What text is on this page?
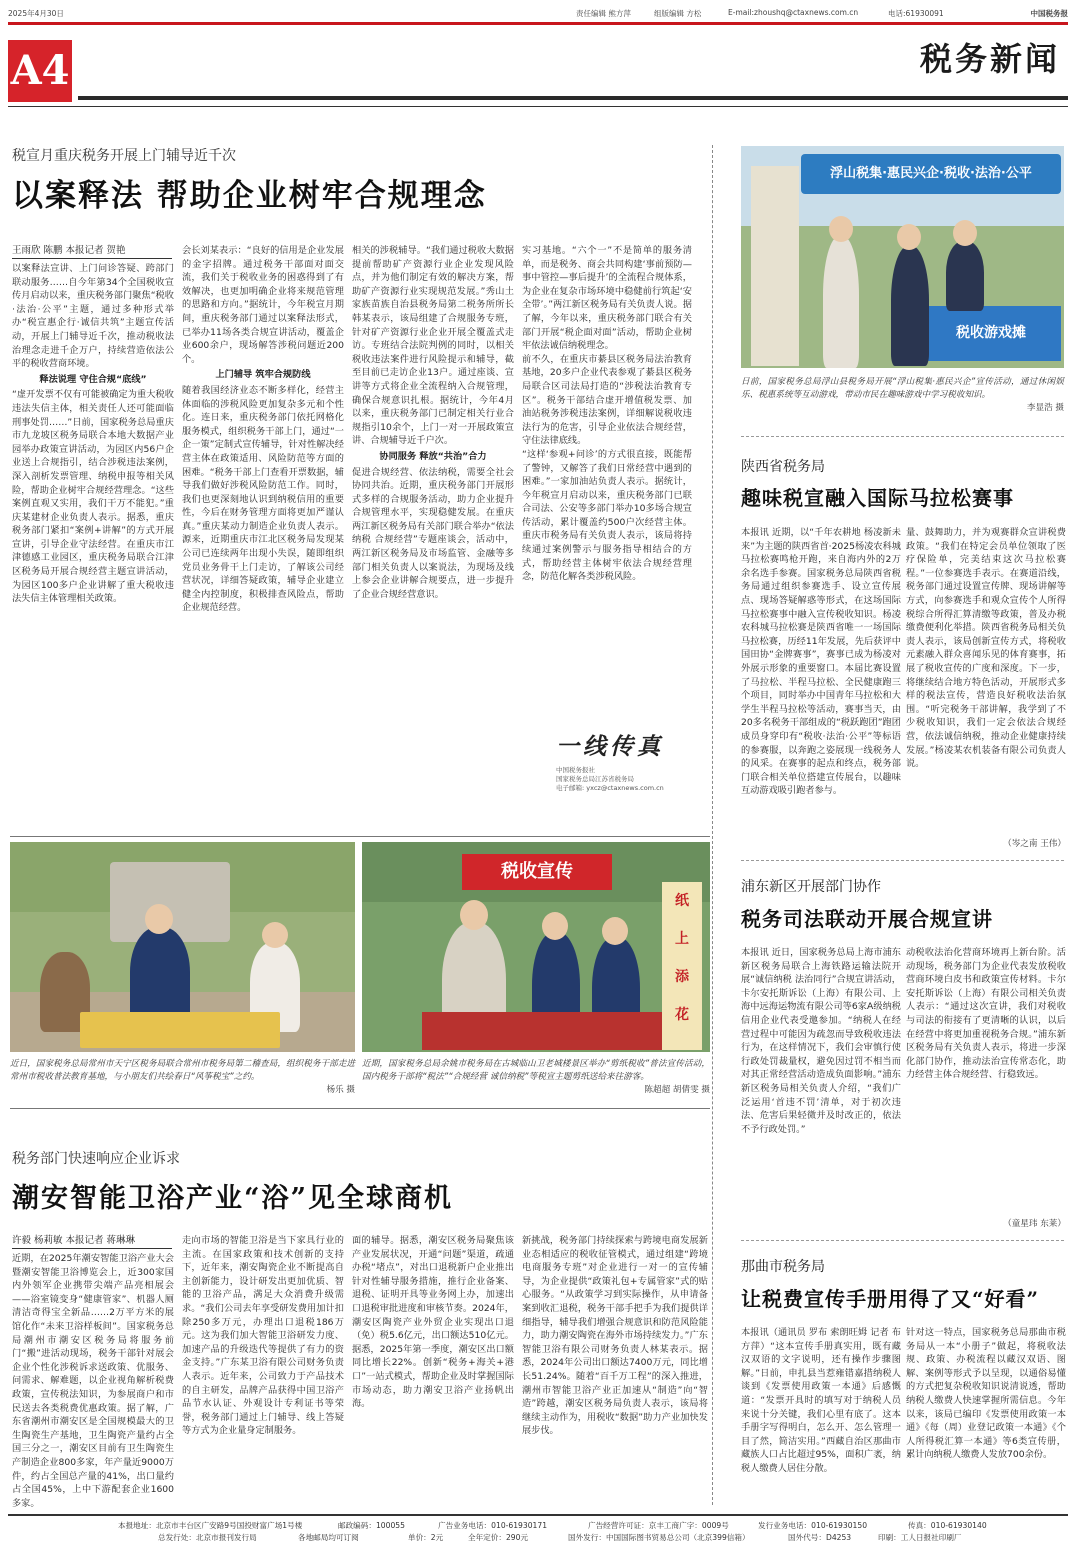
2025年4月30日	责任编辑 熊方萍	组版编辑 方松	E-mail:zhoushq@ctaxnews.com.cn	电话:61930091	中国税务报
A4	税务新闻
税宣月重庆税务开展上门辅导近千次
以案释法 帮助企业树牢合规理念
王雨欣 陈鹏 本报记者 贺艳
以案释法宣讲、上门问诊答疑、跨部门联动服务……自今年第34个全国税收宣传月启动以来，重庆税务部门聚焦“税收·法治·公平”主题，通过多种形式举办“税宣惠企行·诚信共筑”主题宣传活动，开展上门辅导近千次，推动税收法治理念走进千企万户，持续营造依法公平的税收营商环境。
释法说理 守住合规“底线”
“虚开发票不仅有可能被确定为重大税收违法失信主体，相关责任人还可能面临刑事处罚……”日前，国家税务总局重庆市九龙坡区税务局联合本地大数据产业园举办政策宣讲活动，为园区内56户企业送上合规指引，结合涉税违法案例，深入剖析发票管理、纳税申报等相关风险，帮助企业树牢合规经营理念。“这些案例直观又实用，我们干万不能犯。”重庆某建材企业负责人表示。据悉，重庆税务部门紧扣“案例+讲解”的方式开展宣讲，引导企业守法经营。在重庆市江津德感工业园区，重庆税务局联合江津区税务局开展合规经营主题宣讲活动，为园区100多户企业讲解了重大税收违法失信主体管理相关政策。
会长刘某表示：“良好的信用是企业发展的金字招牌。通过税务干部面对面交流，我们关于税收业务的困惑得到了有效解决，也更加明确企业将来规范管理的思路和方向。”据统计，今年税宣月期间，重庆税务部门通过以案释法形式，已举办11场各类合规宣讲活动，覆盖企业600余户，现场解答涉税问题近200个。
上门辅导 筑牢合规防线
随着我国经济业态不断多样化，经营主体面临的涉税风险更加复杂多元和个性化。连日来，重庆税务部门依托网格化服务模式，组织税务干部上门，通过“一企一策”定制式宣传辅导，针对性解决经营主体在政策适用、风险防范等方面的困难。“税务干部上门查看开票数据，辅导我们做好涉税风险防范工作。同时，我们也更深刻地认识到纳税信用的重要性，今后在财务管理方面将更加严谨认真。”重庆某动力制造企业负责人表示。源来，近期重庆市江北区税务局发现某公司已连续两年出现小失误，随即组织党员业务骨干上门走访，了解该公司经营状况，详细答疑政策，辅导企业建立健全内控制度，积极排查风险点，帮助企业规范经营。
相关的涉税辅导。“我们通过税收大数据提前帮助矿产资源行业企业发现风险点，并为他们制定有效的解决方案，帮助矿产资源行业实现规范发展。”秀山土家族苗族自治县税务局第二税务所所长韩某表示，该局组建了合规服务专班，针对矿产资源行业企业开展全覆盖式走访。专班结合法院判例的同时，以相关税收违法案件进行风险提示和辅导，截至目前已走访企业13户。通过座谈、宣讲等方式将企业全流程纳入合规管理，确保合规意识扎根。据统计，今年4月以来，重庆税务部门已制定相关行业合规指引10余个，上门一对一开展政策宣讲、合规辅导近千户次。
协同服务 释放“共治”合力
促进合规经营、依法纳税，需要全社会协同共治。近期，重庆税务部门开展形式多样的合规服务活动，助力企业提升合规管理水平，实现稳健发展。在重庆两江新区税务局有关部门联合举办“依法纳税 合规经营”专题座谈会，活动中，两江新区税务局及市场监管、金融等多部门相关负责人以案说法，为现场及线上参会企业讲解合规要点，进一步提升了企业合规经营意识。
实习基地。“六个一”不是简单的服务清单，而是税务、商会共同构建‘事前预防—事中管控—事后提升’的全流程合规体系，为企业在复杂市场环境中稳健前行筑起‘安全带’。”两江新区税务局有关负责人说。据了解，今年以来，重庆税务部门联合有关部门开展“税企面对面”活动，帮助企业树牢依法诚信纳税理念。
前不久，在重庆市綦县区税务局法治教育基地，20多户企业代表参观了綦县区税务局联合区司法局打造的“涉税法治教育专区”。税务干部结合虚开增值税发票、加油站税务涉税违法案例，详细解说税收违法行为的危害，引导企业依法合规经营，守住法律底线。
“这样‘参观+问诊’的方式很直接，既能帮了警钟，又解答了我们日常经营中遇到的困难。”一家加油站负责人表示。据统计，今年税宣月启动以来，重庆税务部门已联合司法、公安等多部门举办10多场合规宣传活动，累计覆盖约500户次经营主体。重庆市税务局有关负责人表示，该局将持续通过案例警示与服务指导相结合的方式，帮助经营主体树牢依法合规经营理念，防范化解各类涉税风险。
一线传真
中国税务报社
国家税务总局江苏省税务局
电子邮箱: yxcz@ctaxnews.com.cn
浮山税集·惠民兴企·税收·法治·公平
税收游戏摊
日前，国家税务总局浮山县税务局开展“浮山税集·惠民兴企”宣传活动，通过休闲娱乐、税惠系统等互动游戏，带动市民在趣味游戏中学习税收知识。
李显浩 摄
陕西省税务局
趣味税宣融入国际马拉松赛事
本报讯 近期，以“千年农耕地 杨凌新未来”为主题的陕西省首·2025杨凌农科城马拉松赛鸣枪开跑，来自海内外的2万余名选手参赛。国家税务总局陕西省税务局通过组织参赛选手、设立宣传展点、现场答疑解惑等形式，在这场国际马拉松赛事中融入宣传税收知识。杨凌农科城马拉松赛是陕西省唯一一场国际马拉松赛，历经11年发展，先后获评中国田协“金牌赛事”，赛事已成为杨凌对外展示形象的重要窗口。本届比赛设置了马拉松、半程马拉松、全民健康跑三个项目，同时举办中国青年马拉松和大学生半程马拉松等活动，赛事当天，由20多名税务干部组成的“税跃跑团”跑团成员身穿印有“税收·法治·公平”等标语的参赛服，以奔跑之姿展现一线税务人的风采。在赛事的起点和终点，税务部门联合相关单位搭建宣传展台，以趣味互动游戏吸引跑者参与。
量、鼓舞助力，并为观赛群众宣讲税费政策。“我们在特定会员单位领取了医疗保险单，完美结束这次马拉松赛程。”一位参赛选手表示。在赛道沿线，税务部门通过设置宣传牌、现场讲解等方式，向参赛选手和观众宣传个人所得税综合所得汇算清缴等政策，普及办税缴费便利化举措。陕西省税务局相关负责人表示，该局创新宣传方式，将税收元素融入群众喜闻乐见的体育赛事，拓展了税收宣传的广度和深度。下一步，将继续结合地方特色活动，开展形式多样的税法宣传，营造良好税收法治氛围。“听完税务干部讲解，我学到了不少税收知识，我们一定会依法合规经营，依法诚信纳税，推动企业健康持续发展。”杨凌某农机装备有限公司负责人说。
（岑之南 王伟）
浦东新区开展部门协作
税务司法联动开展合规宣讲
本报讯 近日，国家税务总局上海市浦东新区税务局联合上海铁路运输法院开展“诚信纳税 法治同行”合规宣讲活动，卡尔安托斯诉讼（上海）有限公司、上海中远海运物流有限公司等6家A级纳税信用企业代表受邀参加。“纳税人在经营过程中可能因为疏忽而导致税收违法行为，在这样情况下，我们会审慎行使行政处罚裁量权，避免因过罚不相当而对其正常经营活动造成负面影响。”浦东新区税务局相关负责人介绍，“我们广泛运用‘首违不罚’清单，对于初次违法、危害后果轻微并及时改正的，依法不予行政处罚。”
动税收法治化营商环境再上新台阶。活动现场，税务部门为企业代表发放税收营商环境白皮书和政策宣传材料。卡尔安托斯诉讼（上海）有限公司相关负责人表示：“通过这次宣讲，我们对税收与司法的衔接有了更清晰的认识，以后在经营中将更加重视税务合规。”浦东新区税务局有关负责人表示，将进一步深化部门协作，推动法治宣传常态化，助力经营主体合规经营、行稳致远。
（童星玮 东莱）
那曲市税务局
让税费宣传手册用得了又“好看”
本报讯（通讯员 罗布 索朗旺姆 记者 布 方萍）“这本宣传手册真实用，既有藏汉双语的文字说明，还有操作步骤图解。”日前，申扎县当惹雍错嘉措纳税人谈到《发票使用政策一本通》后感慨道：“发票开具时的填写对于纳税人员来说十分关键，我们心里有底了。这本手册字写得明白，怎么开、怎么管理一目了然，简洁实用。”西藏自治区那曲市藏族人口占比超过95%，面积广袤，纳税人缴费人居住分散。
针对这一特点，国家税务总局那曲市税务局从一本“小册子”做起，将税收法规、政策、办税流程以藏汉双语、图解、案例等形式予以呈现，以通俗易懂的方式把复杂税收知识说清说透，帮助纳税人缴费人快速掌握所需信息。今年以来，该局已编印《发票使用政策一本通》《每（周）业登记政策一本通》《个人所得税汇算一本通》等6类宣传册，累计向纳税人缴费人发放700余份。
近日，国家税务总局常州市天宁区税务局联合常州市税务局第二稽查局，组织税务干部走进常州市税收普法教育基地，与小朋友们共绘春日“风筝税宝”之约。
杨乐 摄
税收宣传
纸
上
添
花
近期，国家税务总局余姚市税务局在古城临山卫老城楼景区举办“剪纸税收”普法宣传活动，国内税务干部将“税法”“合规经营 诚信纳税”等税宣主题剪纸送给来往游客。
陈超超 胡倩雯 摄
税务部门快速响应企业诉求
潮安智能卫浴产业“浴”见全球商机
许毅 杨莉敏 本报记者 蒋琳琳
近期，在2025年潮安智能卫浴产业大会暨潮安智能卫浴博览会上，近300家国内外领军企业携带尖端产品亮相展会——浴室镜变身“健康管家”、机器人厕清洁奇得宝全新品……2万平方米的展馆化作“未来卫浴样板间”。国家税务总局潮州市潮安区税务局将服务前门“搬”进活动现场，税务干部针对展会企业个性化涉税诉求送政策、优服务、问需求、解难题，以企业视角解析税费政策，宣传税法知识，为参展商户和市民送去各类税费优惠政策。据了解，广东省潮州市潮安区是全国规模最大的卫生陶瓷生产基地，卫生陶瓷产量约占全国三分之一，潮安区目前有卫生陶瓷生产制造企业800多家，年产量近9000万件，约占全国总产量的41%，出口量约占全国45%，上中下游配套企业1600多家。
走向市场的智能卫浴是当下家具行业的主流。在国家政策和技术创新的支持下，近年来，潮安陶瓷企业不断提高自主创新能力，设计研发出更加优质、智能的卫浴产品，满足大众消费升级需求。“我们公司去年享受研发费用加计扣除250多万元，办理出口退税186万元。这为我们加大智能卫浴研发力度、加速产品的升级迭代等提供了有力的资金支持。”广东某卫浴有限公司财务负责人表示。近年来，公司致力于产品技术的自主研发，品牌产品获得中国卫浴产品节水认证、外观设计专利证书等荣誉，税务部门通过上门辅导、线上答疑等方式为企业量身定制服务。
面的辅导。据悉，潮安区税务局聚焦该产业发展状况，开通“问题”渠道，疏通办税“堵点”，对出口退税新户企业推出针对性辅导服务措施，推行企业备案、退税、证明开具等业务网上办，加速出口退税审批进度和审核节奏。2024年，潮安区陶瓷产业外贸企业实现出口退（免）税5.6亿元，出口额达510亿元。据悉，2025年第一季度，潮安区出口额同比增长22%。创新“税务+海关+港口”一站式模式，帮助企业及时掌握国际市场动态，助力潮安卫浴产业扬帆出海。
新挑战，税务部门持续探索与跨境电商发展新业态相适应的税收征管模式，通过组建“跨境电商服务专班”对企业进行一对一的宣传辅导，为企业提供“政策礼包+专属管家”式的贴心服务。“从政策学习到实际操作，从申请备案到收汇退税，税务干部手把手为我们提供详细指导，辅导我们增强合规意识和防范风险能力，助力潮安陶瓷在海外市场持续发力。”广东智能卫浴有限公司财务负责人林某表示。据悉，2024年公司出口额达7400万元，同比增长51.24%。随着“百千万工程”的深入推进，潮州市智能卫浴产业正加速从“制造”向“智造”跨越，潮安区税务局负责人表示，该局将继续主动作为，用税收“数据”助力产业加快发展步伐。
本报地址：北京市丰台区广安路9号国投财富广场1号楼	邮政编码：100055	广告业务电话：010-61930171	广告经营许可证：京丰工商广字：0009号	发行业务电话：010-61930150	传真：010-61930140
总发行处：北京市报刊发行局	各地邮局均可订阅	单价：2元	全年定价：290元	国外发行：中国国际图书贸易总公司（北京399信箱）	国外代号：D4253	印刷：工人日报社印刷厂
